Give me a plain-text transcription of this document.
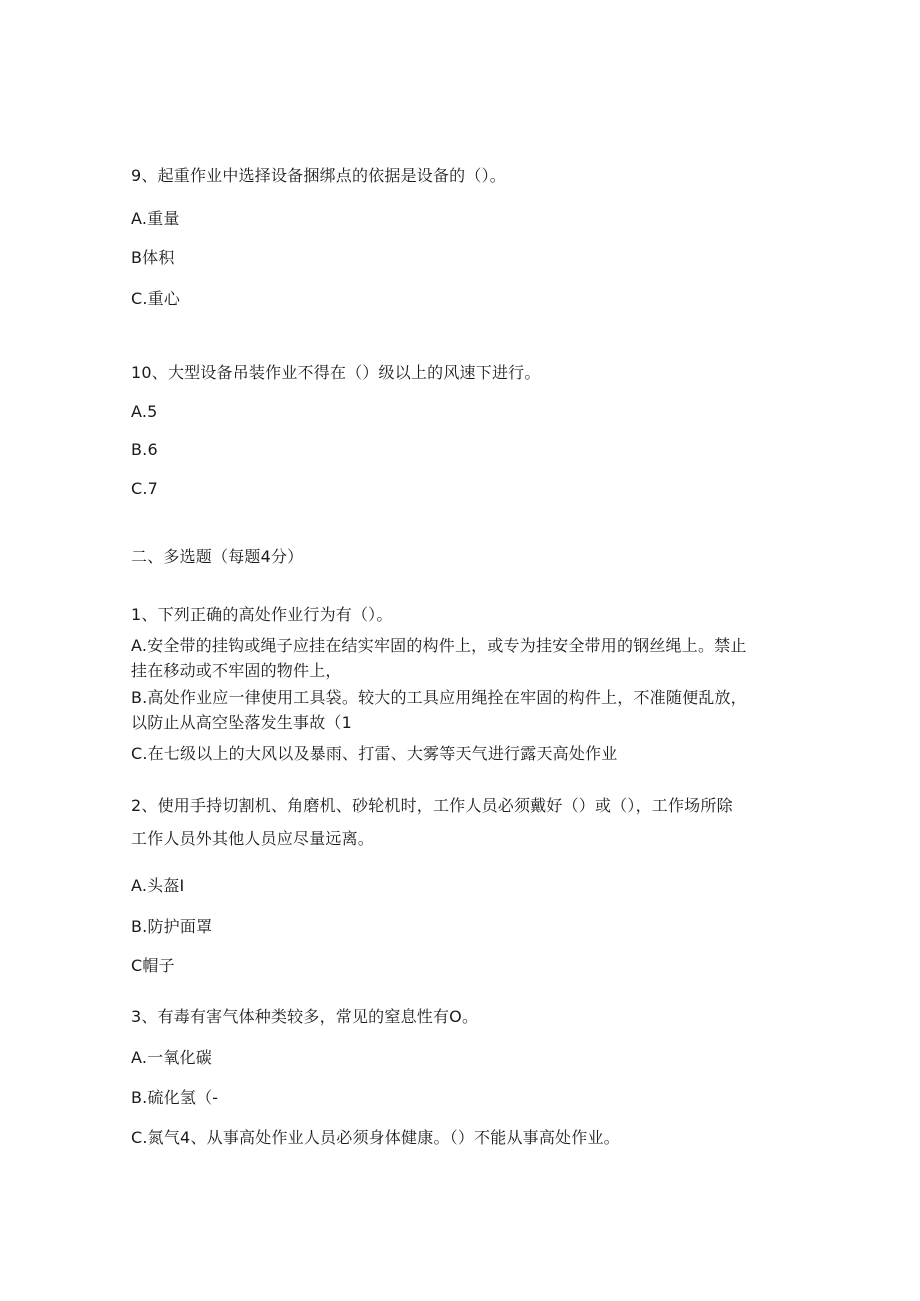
9、起重作业中选择设备捆绑点的依据是设备的（）。
A.重量
B体积
C.重心
10、大型设备吊装作业不得在（）级以上的风速下进行。
A.5
B.6
C.7
二、多选题（每题4分）
1、下列正确的高处作业行为有（）。
A.安全带的挂钩或绳子应挂在结实牢固的构件上，或专为挂安全带用的钢丝绳上。禁止
挂在移动或不牢固的物件上，
B.高处作业应一律使用工具袋。较大的工具应用绳拴在牢固的构件上，不准随便乱放，
以防止从高空坠落发生事故（1
C.在七级以上的大风以及暴雨、打雷、大雾等天气进行露天高处作业
2、使用手持切割机、角磨机、砂轮机时，工作人员必须戴好（）或（），工作场所除
工作人员外其他人员应尽量远离。
A.头盔I
B.防护面罩
C帽子
3、有毒有害气体种类较多，常见的窒息性有O。
A.一氧化碳
B.硫化氢（-
C.氮气4、从事高处作业人员必须身体健康。（）不能从事高处作业。
